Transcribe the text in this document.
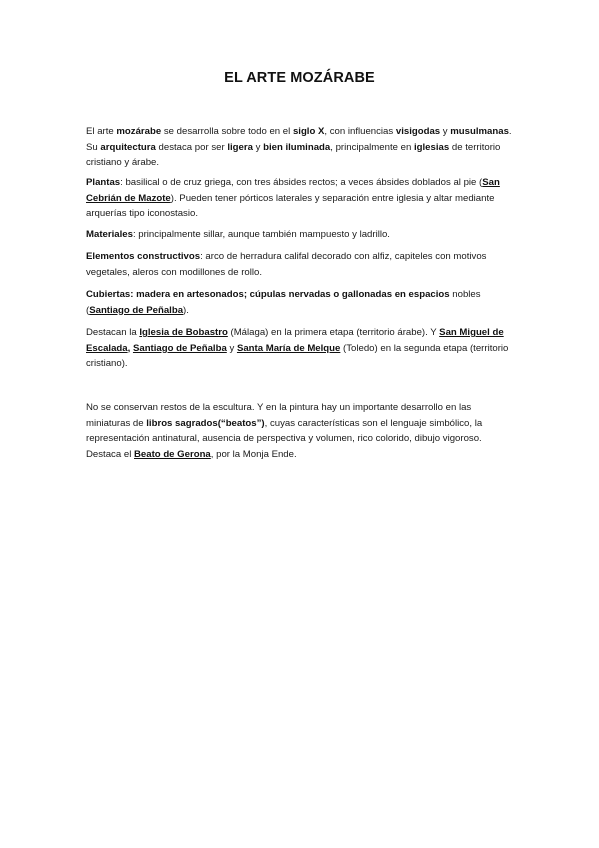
EL ARTE MOZÁRABE

El arte mozárabe se desarrolla sobre todo en el siglo X, con influencias visigodas y musulmanas. Su arquitectura destaca por ser ligera y bien iluminada, principalmente en iglesias de territorio cristiano y árabe.

Plantas: basilical o de cruz griega, con tres ábsides rectos; a veces ábsides doblados al pie (San Cebrián de Mazote). Pueden tener pórticos laterales y separación entre iglesia y altar mediante arquerías tipo iconostasio.

Materiales: principalmente sillar, aunque también mampuesto y ladrillo.

Elementos constructivos: arco de herradura califal decorado con alfiz, capiteles con motivos vegetales, aleros con modillones de rollo.

Cubiertas: madera en artesonados; cúpulas nervadas o gallonadas en espacios nobles (Santiago de Peñalba).

Destacan la Iglesia de Bobastro (Málaga) en la primera etapa (territorio árabe). Y San Miguel de Escalada, Santiago de Peñalba y Santa María de Melque (Toledo) en la segunda etapa (territorio cristiano).

No se conservan restos de la escultura. Y en la pintura hay un importante desarrollo en las miniaturas de libros sagrados(“beatos”), cuyas características son el lenguaje simbólico, la representación antinatural, ausencia de perspectiva y volumen, rico colorido, dibujo vigoroso. Destaca el Beato de Gerona, por la Monja Ende.
